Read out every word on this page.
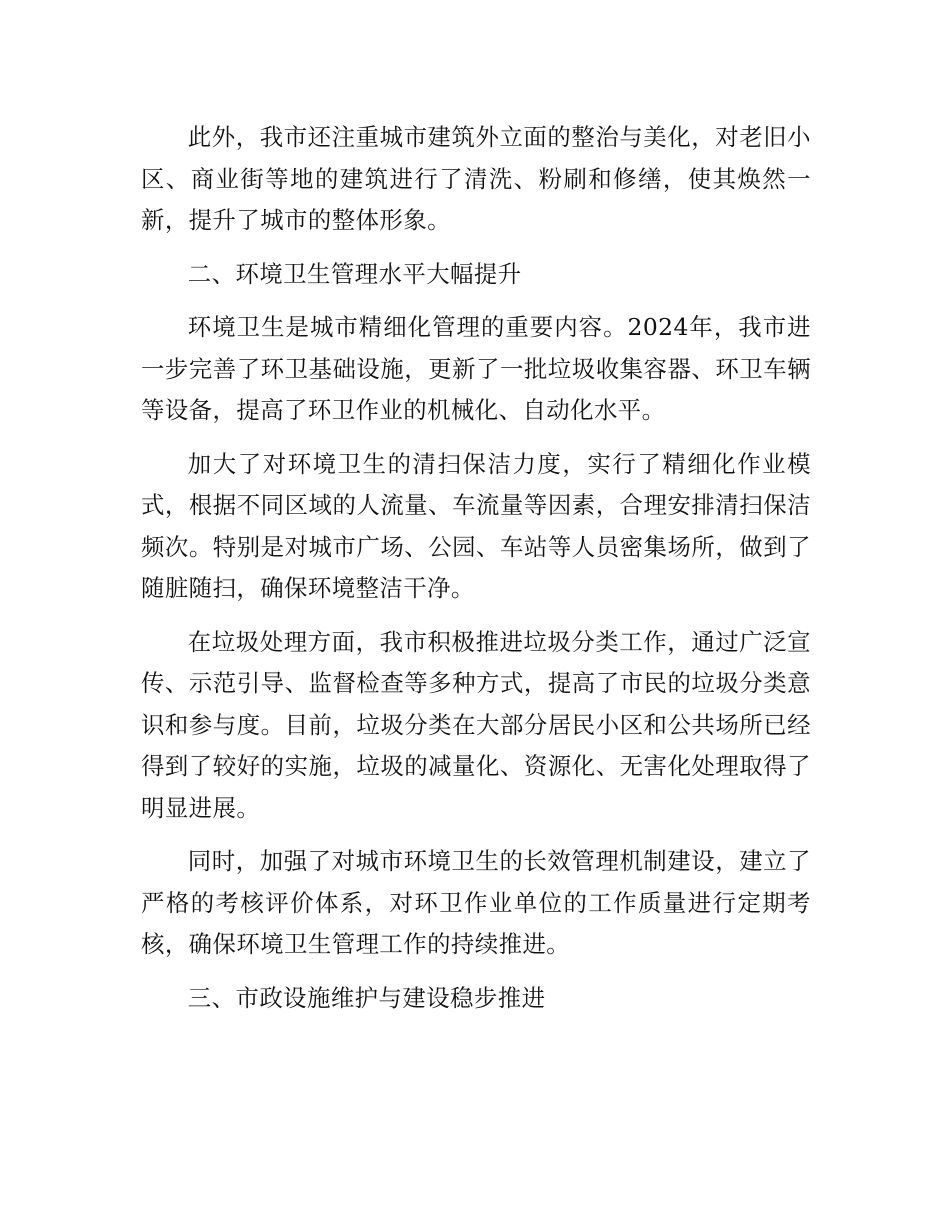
此外，我市还注重城市建筑外立面的整治与美化，对老旧小区、商业街等地的建筑进行了清洗、粉刷和修缮，使其焕然一新，提升了城市的整体形象。

二、环境卫生管理水平大幅提升

环境卫生是城市精细化管理的重要内容。2024年，我市进一步完善了环卫基础设施，更新了一批垃圾收集容器、环卫车辆等设备，提高了环卫作业的机械化、自动化水平。

加大了对环境卫生的清扫保洁力度，实行了精细化作业模式，根据不同区域的人流量、车流量等因素，合理安排清扫保洁频次。特别是对城市广场、公园、车站等人员密集场所，做到了随脏随扫，确保环境整洁干净。

在垃圾处理方面，我市积极推进垃圾分类工作，通过广泛宣传、示范引导、监督检查等多种方式，提高了市民的垃圾分类意识和参与度。目前，垃圾分类在大部分居民小区和公共场所已经得到了较好的实施，垃圾的减量化、资源化、无害化处理取得了明显进展。

同时，加强了对城市环境卫生的长效管理机制建设，建立了严格的考核评价体系，对环卫作业单位的工作质量进行定期考核，确保环境卫生管理工作的持续推进。

三、市政设施维护与建设稳步推进
